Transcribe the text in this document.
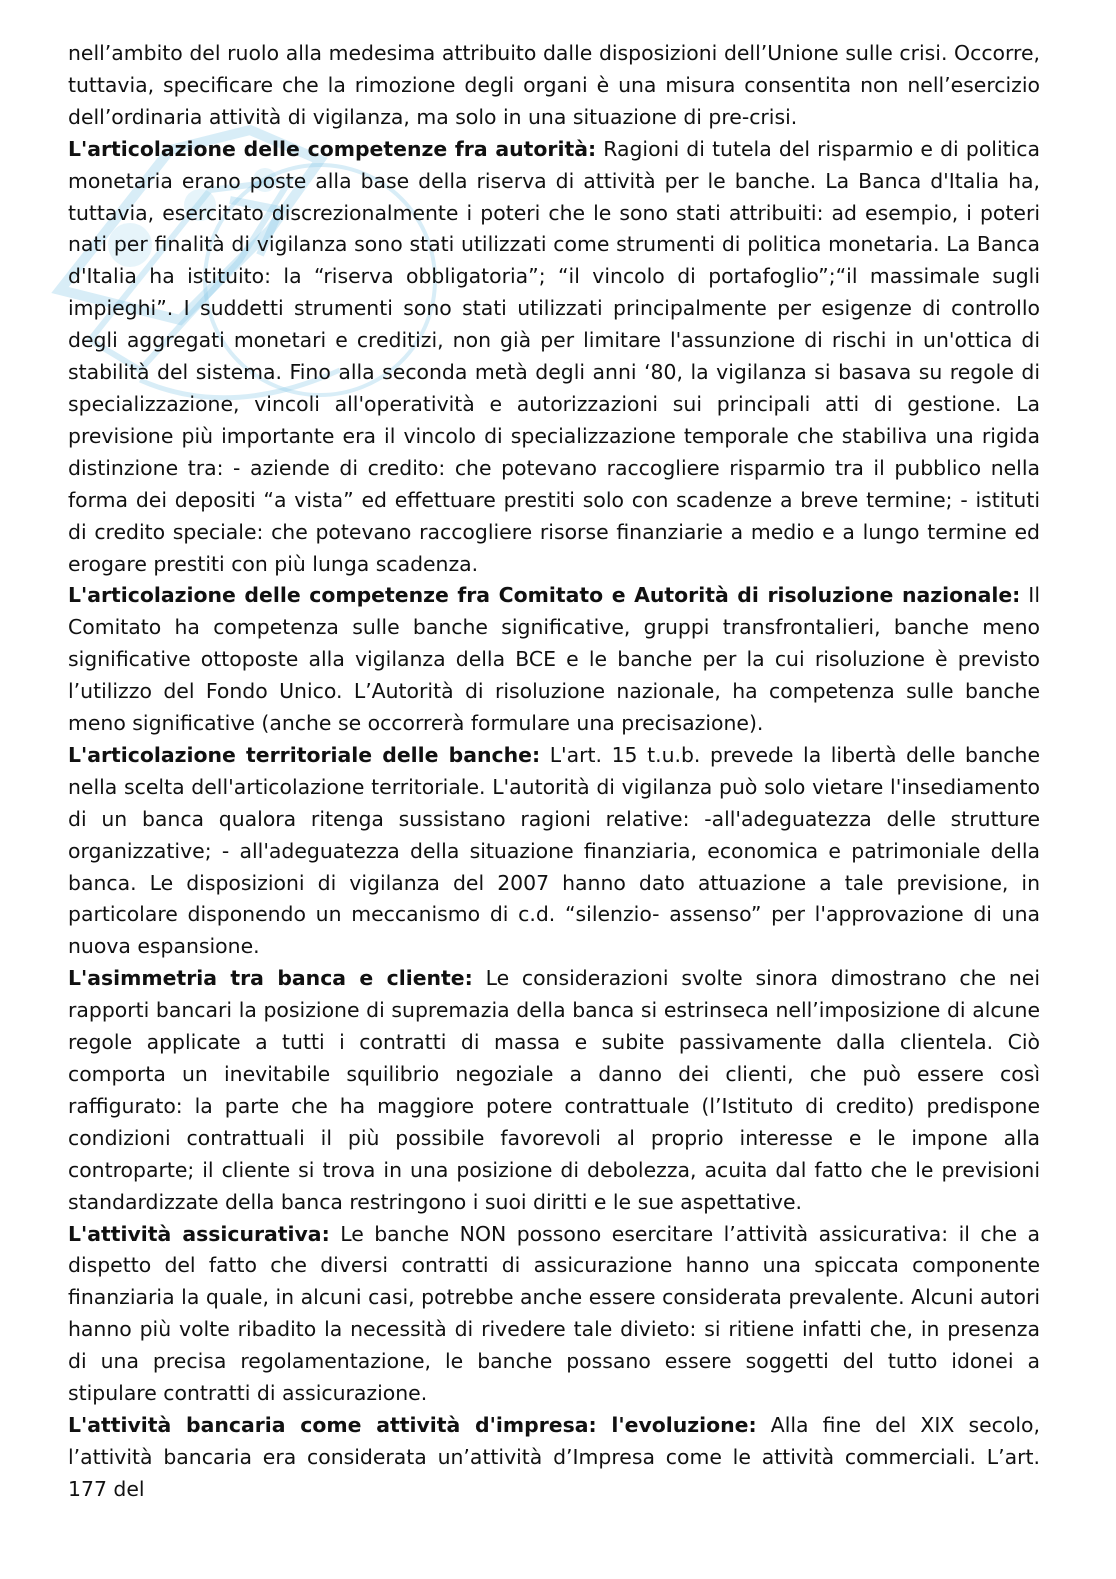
nell’ambito del ruolo alla medesima attribuito dalle disposizioni dell’Unione sulle crisi. Occorre, tuttavia, specificare che la rimozione degli organi è una misura consentita non nell’esercizio dell’ordinaria attività di vigilanza, ma solo in una situazione di pre-crisi.

L'articolazione delle competenze fra autorità: Ragioni di tutela del risparmio e di politica monetaria erano poste alla base della riserva di attività per le banche. La Banca d'Italia ha, tuttavia, esercitato discrezionalmente i poteri che le sono stati attribuiti: ad esempio, i poteri nati per finalità di vigilanza sono stati utilizzati come strumenti di politica monetaria. La Banca d'Italia ha istituito: la “riserva obbligatoria”; “il vincolo di portafoglio”;“il massimale sugli impieghi”. I suddetti strumenti sono stati utilizzati principalmente per esigenze di controllo degli aggregati monetari e creditizi, non già per limitare l'assunzione di rischi in un'ottica di stabilità del sistema. Fino alla seconda metà degli anni ‘80, la vigilanza si basava su regole di specializzazione, vincoli all'operatività e autorizzazioni sui principali atti di gestione. La previsione più importante era il vincolo di specializzazione temporale che stabiliva una rigida distinzione tra: - aziende di credito: che potevano raccogliere risparmio tra il pubblico nella forma dei depositi “a vista” ed effettuare prestiti solo con scadenze a breve termine; - istituti di credito speciale: che potevano raccogliere risorse finanziarie a medio e a lungo termine ed erogare prestiti con più lunga scadenza.

L'articolazione delle competenze fra Comitato e Autorità di risoluzione nazionale: Il Comitato ha competenza sulle banche significative, gruppi transfrontalieri, banche meno significative ottoposte alla vigilanza della BCE e le banche per la cui risoluzione è previsto l’utilizzo del Fondo Unico. L’Autorità di risoluzione nazionale, ha competenza sulle banche meno significative (anche se occorrerà formulare una precisazione).

L'articolazione territoriale delle banche: L'art. 15 t.u.b. prevede la libertà delle banche nella scelta dell'articolazione territoriale. L'autorità di vigilanza può solo vietare l'insediamento di un banca qualora ritenga sussistano ragioni relative: -all'adeguatezza delle strutture organizzative; - all'adeguatezza della situazione finanziaria, economica e patrimoniale della banca. Le disposizioni di vigilanza del 2007 hanno dato attuazione a tale previsione, in particolare disponendo un meccanismo di c.d. “silenzio- assenso” per l'approvazione di una nuova espansione.

L'asimmetria tra banca e cliente: Le considerazioni svolte sinora dimostrano che nei rapporti bancari la posizione di supremazia della banca si estrinseca nell’imposizione di alcune regole applicate a tutti i contratti di massa e subite passivamente dalla clientela. Ciò comporta un inevitabile squilibrio negoziale a danno dei clienti, che può essere così raffigurato: la parte che ha maggiore potere contrattuale (l’Istituto di credito) predispone condizioni contrattuali il più possibile favorevoli al proprio interesse e le impone alla controparte; il cliente si trova in una posizione di debolezza, acuita dal fatto che le previsioni standardizzate della banca restringono i suoi diritti e le sue aspettative.

L'attività assicurativa: Le banche NON possono esercitare l’attività assicurativa: il che a dispetto del fatto che diversi contratti di assicurazione hanno una spiccata componente finanziaria la quale, in alcuni casi, potrebbe anche essere considerata prevalente. Alcuni autori hanno più volte ribadito la necessità di rivedere tale divieto: si ritiene infatti che, in presenza di una precisa regolamentazione, le banche possano essere soggetti del tutto idonei a stipulare contratti di assicurazione.

L'attività bancaria come attività d'impresa: l'evoluzione: Alla fine del XIX secolo, l’attività bancaria era considerata un’attività d’Impresa come le attività commerciali. L’art. 177 del
